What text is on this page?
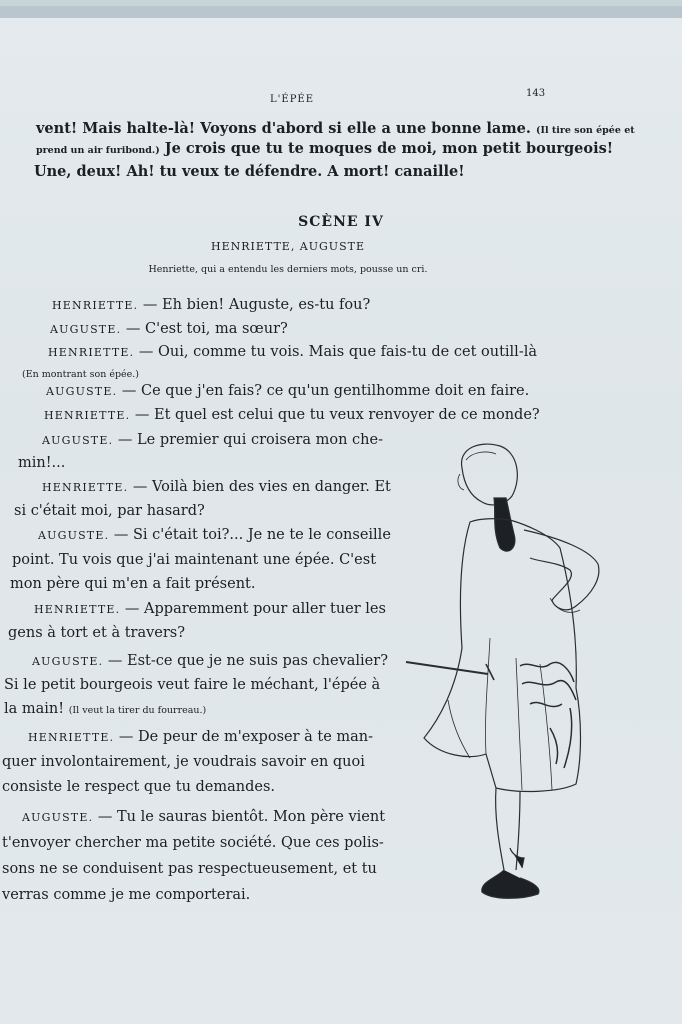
L'ÉPÉE
143
vent! Mais halte-là! Voyons d'abord si elle a une bonne lame. (Il tire son épée et
prend un air furibond.) Je crois que tu te moques de moi, mon petit bourgeois!
Une, deux! Ah! tu veux te défendre. A mort! canaille!
SCÈNE IV
HENRIETTE, AUGUSTE
Henriette, qui a entendu les derniers mots, pousse un cri.
HENRIETTE. — Eh bien! Auguste, es-tu fou?
AUGUSTE. — C'est toi, ma sœur?
HENRIETTE. — Oui, comme tu vois. Mais que fais-tu de cet outill-là
(En montrant son épée.)
AUGUSTE. — Ce que j'en fais? ce qu'un gentilhomme doit en faire.
HENRIETTE. — Et quel est celui que tu veux renvoyer de ce monde?
AUGUSTE. — Le premier qui croisera mon che-
min!...
HENRIETTE. — Voilà bien des vies en danger. Et
si c'était moi, par hasard?
AUGUSTE. — Si c'était toi?... Je ne te le conseille
point. Tu vois que j'ai maintenant une épée. C'est
mon père qui m'en a fait présent.
HENRIETTE. — Apparemment pour aller tuer les
gens à tort et à travers?
AUGUSTE. — Est-ce que je ne suis pas chevalier?
Si le petit bourgeois veut faire le méchant, l'épée à
la main! (Il veut la tirer du fourreau.)
HENRIETTE. — De peur de m'exposer à te man-
quer involontairement, je voudrais savoir en quoi
consiste le respect que tu demandes.
AUGUSTE. — Tu le sauras bientôt. Mon père vient
t'envoyer chercher ma petite société. Que ces polis-
sons ne se conduisent pas respectueusement, et tu
verras comme je me comporterai.
